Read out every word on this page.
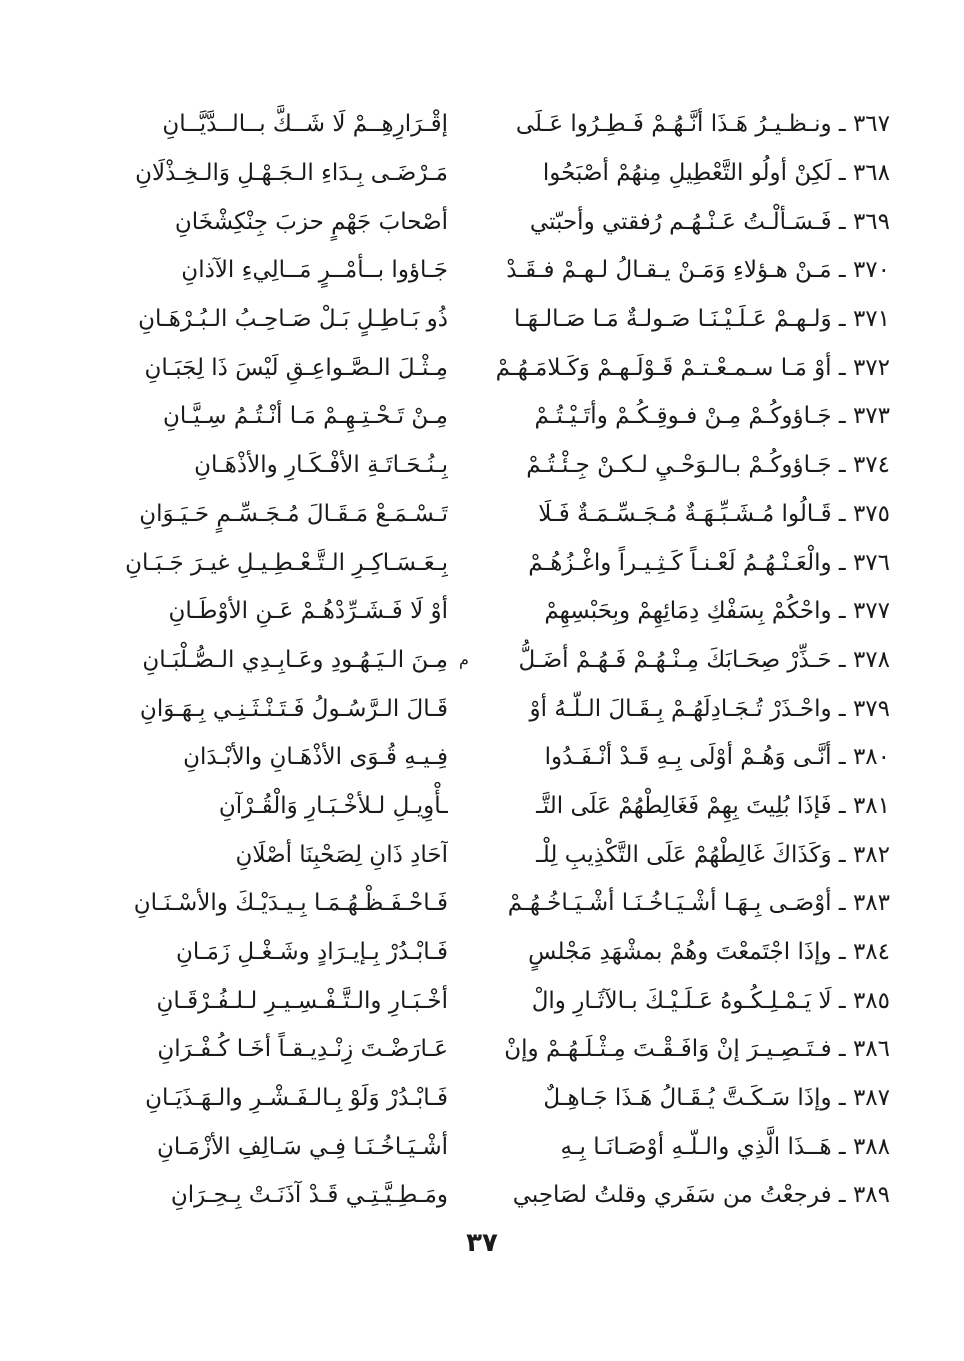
٣٦٧ ـ ونـظـيـرُ هَـذَا أنَّـهُـمْ فَـطِـرُوا عَـلَى
إقْـرَارِهِــمْ لَا شَــكَّ بــالــدَّيَّــانِ
٣٦٨ ـ لَكِنْ أولُو التَّعْطِيلِ مِنهُمْ أصْبَحُوا
مَـرْضَـى بِـدَاءِ الـجَـهْـلِ وَالـخِـذْلَانِ
٣٦٩ ـ فَـسَـألْـتُ عَـنْـهُـم رُفقتي وأحبّتي
أصْحابَ جَهْمٍ حزبَ جِنْكِشْخَانِ
٣٧٠ ـ مَـنْ هـؤلاءِ وَمَـنْ يـقـالُ لـهـمْ فـقَـدْ
جَـاؤوا بــأمْــرٍ مَــالِيءِ الآذانِ
٣٧١ ـ وَلـهـمْ عَـلَـيْـنَـا صَـولـةٌ مَـا صَـالـهَـا
ذُو بَـاطِـلٍ بَـلْ صَـاحِـبُ الـبُـرْهَـانِ
٣٧٢ ـ أوْ مَـا سـمـعْـتـمْ قَـوْلَـهـمْ وَكَـلامَـهُـمْ
مِـثْـلَ الـصَّـواعِـقِ لَيْسَ ذَا لِجَبَـانِ
٣٧٣ ـ جَـاؤوكُـمْ مِـنْ فـوقِـكُـمْ وأتَـيْـتُـمْ
مِـنْ تَـحْـتِـهِـمْ مَـا أنْـتُـمُ سِـيَّـانِ
٣٧٤ ـ جَـاؤوكُـمْ بـالـوَحْـيِ لـكـنْ جِـئْـتُـمْ
بِـنُـحَـاتَـةِ الأفْـكَـارِ والأذْهَـانِ
٣٧٥ ـ قَـالُوا مُـشَـبِّـهَـةٌ مُـجَـسِّـمَـةٌ فَـلَا
تَـسْـمَـعْ مَـقَـالَ مُـجَـسِّـمٍ حَـيَـوَانِ
٣٧٦ ـ والْعَـنْـهُـمُ لَعْـنـاً كَـثِـيـراً واغْـزُهُـمْ
بِـعَـسَـاكِـرِ الـتَّـعْـطِـيـلِ غيـرَ جَـبَـانِ
٣٧٧ ـ واحْكُمْ بِسَفْكِ دِمَائِهِمْ وبِحَبْسِهِمْ
أوْ لَا فَـشَـرِّدْهُـمْ عَـنِ الأوْطَـانِ
٣٧٨ ـ حَـذِّرْ صِحَـابَكَ مِـنْـهُـمْ فَـهُـمْ أضَـلُّ
م
مِـنَ الـيَـهُـودِ وعَـابِـدِي الـصُّـلْبَـانِ
٣٧٩ ـ واحْـذَرْ تُـجَـادِلَهُـمْ بِـقَـالَ الـلّـهُ أوْ
قَـالَ الـرَّسُـولُ فَـتَـنْـثَـنِـي بِـهَـوَانِ
٣٨٠ ـ أنَّـى وَهُـمْ أوْلَى بِـهِ قَـدْ أنْـفَـدُوا
فِـيـهِ قُـوَى الأذْهَـانِ والأبْـدَانِ
٣٨١ ـ فَإذَا بُلِيتَ بِهِمْ فَغَالِطْهُمْ عَلَى التَّـ
ـأْوِيـلِ لـلأخْـبَـارِ وَالْقُـرْآنِ
٣٨٢ ـ وَكَذَاكَ غَالِطْهُمْ عَلَى التَّكْذِيبِ لِلْـ
آحَادِ ذَانِ لِصَحْبِنَا أصْلَانِ
٣٨٣ ـ أوْصَـى بِـهَـا أشْـيَـاخُـنَـا أشْـيَـاخُـهُـمْ
فَـاحْـفَـظْـهُـمَـا بِـيـدَيْـكَ والأسْـنَـانِ
٣٨٤ ـ وإذَا اجْتَمعْتَ وهُمْ بمشْهَدِ مَجْلسٍ
فَـابْـدُرْ بِـإيـرَادٍ وشَـغْـلِ زَمَـانِ
٣٨٥ ـ لَا يَـمْـلِـكُـوهُ عَـلَـيْـكَ بـالآثَـارِ والْ
أخْـبَـارِ والـتَّـفْـسِـيـرِ لـلـفُـرْقَـانِ
٣٨٦ ـ فـتَـصِـيـرَ إنْ وَافَـقْـتَ مِـثْـلَـهُـمْ وإنْ
عَـارَضْـتَ زِنْـدِيـقـاً أخَـا كُـفْـرَانِ
٣٨٧ ـ وإذَا سَـكَـتَّ يُـقَـالُ هَـذَا جَـاهِـلٌ
فَـابْـدُرْ وَلَوْ بِـالـفَـشْـرِ والـهَـذَيَـانِ
٣٨٨ ـ هَــذَا الَّذِي والـلّـهِ أوْصَـانَـا بِـهِ
أشْـيَـاخُـنَـا فِـي سَـالِفِ الأزْمَـانِ
٣٨٩ ـ فرجعْتُ من سَفَري وقلتُ لصَاحِبي
ومَـطِـيَّـتِـي قَـدْ آذَنَـتْ بِـحِـرَانِ
٣٧
